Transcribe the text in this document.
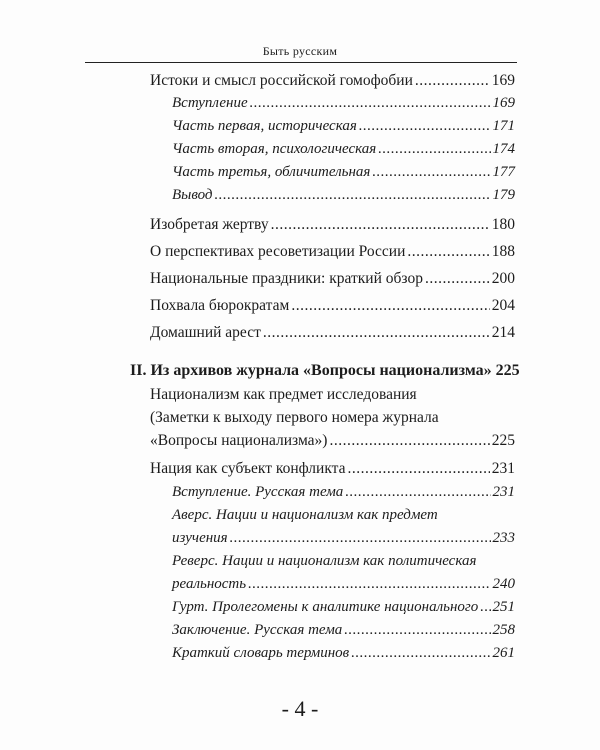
Быть русским
Истоки и смысл российской гомофобии .....	169
Вступление .....	169
Часть первая, историческая .....	171
Часть вторая, психологическая .....	174
Часть третья, обличительная .....	177
Вывод .....	179
Изобретая жертву .....	180
О перспективах ресоветизации России .....	188
Национальные праздники: краткий обзор .....	200
Похвала бюрократам .....	204
Домашний арест .....	214
II. Из архивов журнала «Вопросы национализма» 225
Национализм как предмет исследования
(Заметки к выходу первого номера журнала
«Вопросы национализма») .....	225
Нация как субъект конфликта .....	231
Вступление. Русская тема .....	231
Аверс. Нации и национализм как предмет
изучения .....	233
Реверс. Нации и национализм как политическая
реальность .....	240
Гурт. Пролегомены к аналитике национального ..... 251
Заключение. Русская тема .....	258
Краткий словарь терминов .....	261
- 4 -
